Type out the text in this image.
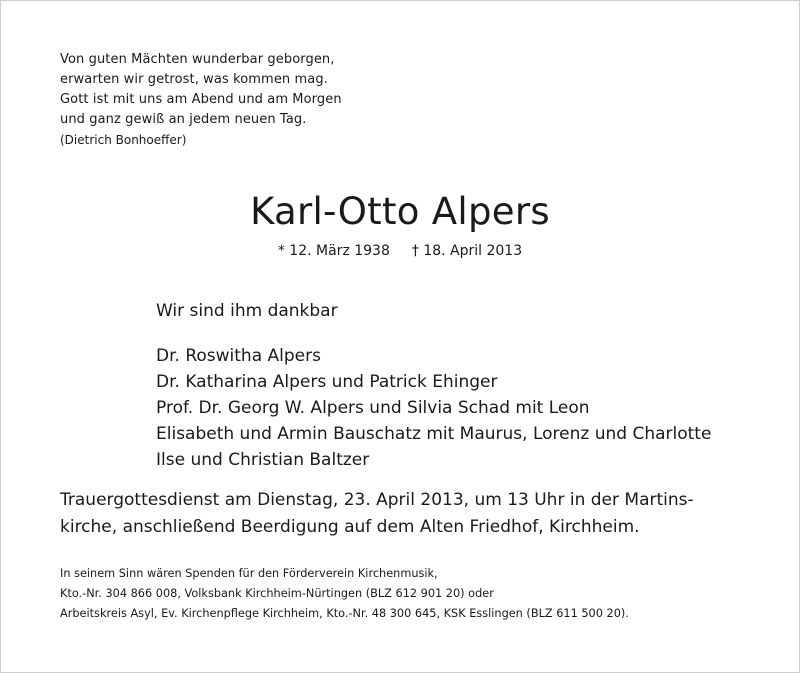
Von guten Mächten wunderbar geborgen,
erwarten wir getrost, was kommen mag.
Gott ist mit uns am Abend und am Morgen
und ganz gewiß an jedem neuen Tag.
(Dietrich Bonhoeffer)
Karl-Otto Alpers
* 12. März 1938 † 18. April 2013
Wir sind ihm dankbar
Dr. Roswitha Alpers
Dr. Katharina Alpers und Patrick Ehinger
Prof. Dr. Georg W. Alpers und Silvia Schad mit Leon
Elisabeth und Armin Bauschatz mit Maurus, Lorenz und Charlotte
Ilse und Christian Baltzer
Trauergottesdienst am Dienstag, 23. April 2013, um 13 Uhr in der Martins-
kirche, anschließend Beerdigung auf dem Alten Friedhof, Kirchheim.
In seinem Sinn wären Spenden für den Förderverein Kirchenmusik,
Kto.-Nr. 304 866 008, Volksbank Kirchheim-Nürtingen (BLZ 612 901 20) oder
Arbeitskreis Asyl, Ev. Kirchenpflege Kirchheim, Kto.-Nr. 48 300 645, KSK Esslingen (BLZ 611 500 20).
